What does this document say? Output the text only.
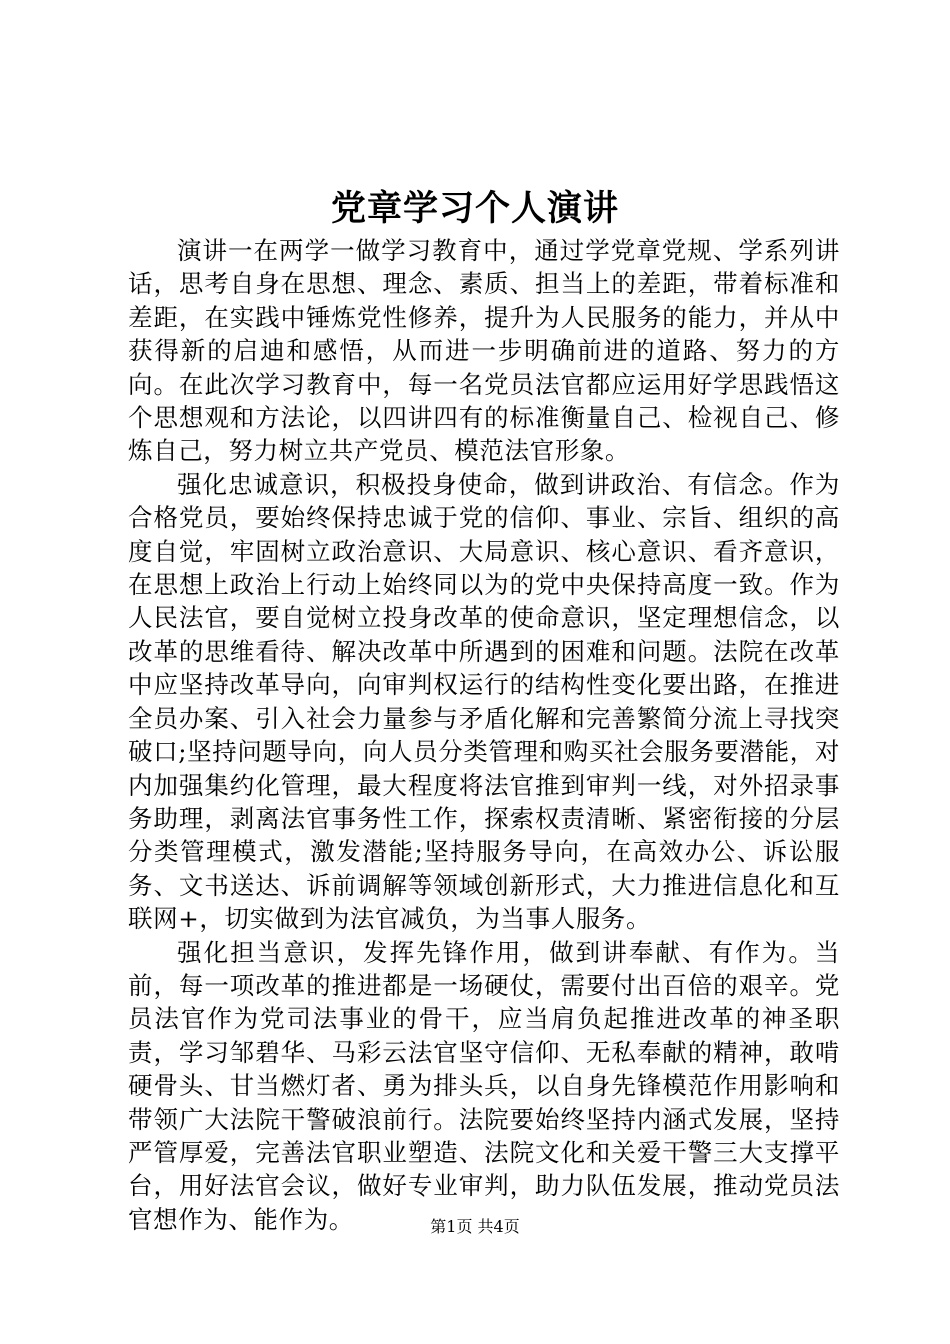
党章学习个人演讲

演讲一在两学一做学习教育中，通过学党章党规、学系列讲话，思考自身在思想、理念、素质、担当上的差距，带着标准和差距，在实践中锤炼党性修养，提升为人民服务的能力，并从中获得新的启迪和感悟，从而进一步明确前进的道路、努力的方向。在此次学习教育中，每一名党员法官都应运用好学思践悟这个思想观和方法论，以四讲四有的标准衡量自己、检视自己、修炼自己，努力树立共产党员、模范法官形象。

强化忠诚意识，积极投身使命，做到讲政治、有信念。作为合格党员，要始终保持忠诚于党的信仰、事业、宗旨、组织的高度自觉，牢固树立政治意识、大局意识、核心意识、看齐意识，在思想上政治上行动上始终同以为的党中央保持高度一致。作为人民法官，要自觉树立投身改革的使命意识，坚定理想信念，以改革的思维看待、解决改革中所遇到的困难和问题。法院在改革中应坚持改革导向，向审判权运行的结构性变化要出路，在推进全员办案、引入社会力量参与矛盾化解和完善繁简分流上寻找突破口;坚持问题导向，向人员分类管理和购买社会服务要潜能，对内加强集约化管理，最大程度将法官推到审判一线，对外招录事务助理，剥离法官事务性工作，探索权责清晰、紧密衔接的分层分类管理模式，激发潜能;坚持服务导向，在高效办公、诉讼服务、文书送达、诉前调解等领域创新形式，大力推进信息化和互联网+，切实做到为法官减负，为当事人服务。

强化担当意识，发挥先锋作用，做到讲奉献、有作为。当前，每一项改革的推进都是一场硬仗，需要付出百倍的艰辛。党员法官作为党司法事业的骨干，应当肩负起推进改革的神圣职责，学习邹碧华、马彩云法官坚守信仰、无私奉献的精神，敢啃硬骨头、甘当燃灯者、勇为排头兵，以自身先锋模范作用影响和带领广大法院干警破浪前行。法院要始终坚持内涵式发展，坚持严管厚爱，完善法官职业塑造、法院文化和关爱干警三大支撑平台，用好法官会议，做好专业审判，助力队伍发展，推动党员法官想作为、能作为。	第1页 共4页
